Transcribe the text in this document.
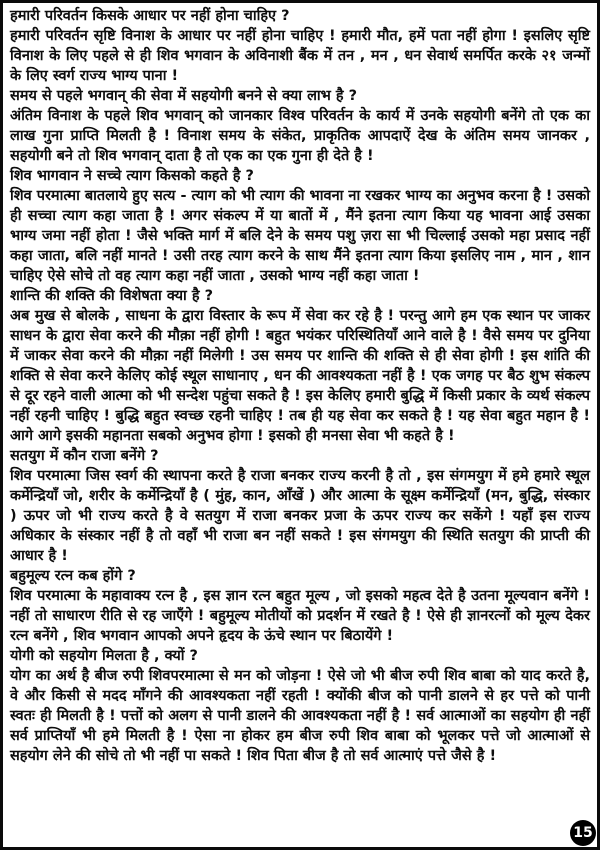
हमारी परिवर्तन किसके आधार पर नहीं होना चाहिए ?

हमारी परिवर्तन सृष्टि विनाश के आधार पर नहीं होना चाहिए ! हमारी मौत, हमें पता नहीं होगा ! इसलिए सृष्टि विनाश के लिए पहले से ही शिव भगवान के अविनाशी बैंक में तन , मन , धन सेवार्थ समर्पित करके २१ जन्मों के लिए स्वर्ग राज्य भाग्य पाना !

समय से पहले भगवान् की सेवा में सहयोगी बनने से क्या लाभ है ?

अंतिम विनाश के पहले शिव भगवान् को जानकार विश्व परिवर्तन के कार्य में उनके सहयोगी बनेंगे तो एक का लाख गुना प्राप्ति मिलती है ! विनाश समय के संकेत, प्राकृतिक आपदाऐं देख के अंतिम समय जानकर , सहयोगी बने तो शिव भगवान् दाता है तो एक का एक गुना ही देते है !

शिव भागवान ने सच्चे त्याग किसको कहते है ?

शिव परमात्मा बातलाये हुए सत्य - त्याग को भी त्याग की भावना ना रखकर भाग्य का अनुभव करना है ! उसको ही सच्चा त्याग कहा जाता है ! अगर संकल्प में या बातों में , मैंने इतना त्याग किया यह भावना आई उसका भाग्य जमा नहीं होता ! जैसे भक्ति मार्ग में बलि देने के समय पशु ज़रा सा भी चिल्लाई उसको महा प्रसाद नहीं कहा जाता, बलि नहीं मानते ! उसी तरह त्याग करने के साथ मैंने इतना त्याग किया इसलिए नाम , मान , शान चाहिए ऐसे सोचे तो वह त्याग कहा नहीं जाता , उसको भाग्य नहीं कहा जाता !

शान्ति की शक्ति की विशेषता क्या है ?

अब मुख से बोलके , साधना के द्वारा विस्तार के रूप में सेवा कर रहे है ! परन्तु आगे हम एक स्थान पर जाकर साधन के द्वारा सेवा करने की मौक़ा नहीं होगी ! बहुत भयंकर परिस्थितियाँ आने वाले है ! वैसे समय पर दुनिया में जाकर सेवा करने की मौक़ा नहीं मिलेगी ! उस समय पर शान्ति की शक्ति से ही सेवा होगी ! इस शांति की शक्ति से सेवा करने केलिए कोई स्थूल साधानाए , धन की आवश्यकता नहीं है ! एक जगह पर बैठ शुभ संकल्प से दूर रहने वाली आत्मा को भी सन्देश पहुंचा सकते है ! इस केलिए हमारी बुद्धि में किसी प्रकार के व्यर्थ संकल्प नहीं रहनी चाहिए ! बुद्धि बहुत स्वच्छ रहनी चाहिए ! तब ही यह सेवा कर सकते है ! यह सेवा बहुत महान है ! आगे आगे इसकी महानता सबको अनुभव होगा ! इसको ही मनसा सेवा भी कहते है !

सतयुग में कौन राजा बनेंगे ?

शिव परमात्मा जिस स्वर्ग की स्थापना करते है राजा बनकर राज्य करनी है तो , इस संगमयुग में हमे हमारे स्थूल कर्मेन्द्रियाँ जो, शरीर के कर्मेन्द्रियाँ है ( मुंह, कान, आँखें ) और आत्मा के सूक्ष्म कर्मेन्द्रियाँ (मन, बुद्धि, संस्कार ) ऊपर जो भी राज्य करते है वे सतयुग में राजा बनकर प्रजा के ऊपर राज्य कर सकेंगे ! यहाँ इस राज्य अधिकार के संस्कार नहीं है तो वहाँ भी राजा बन नहीं सकते ! इस संगमयुग की स्थिति सतयुग की प्राप्ती की आधार है !

बहुमूल्य रत्न कब होंगे ?

शिव परमात्मा के महावाक्य रत्न है , इस ज्ञान रत्न बहुत मूल्य , जो इसको महत्व देते है उतना मूल्यवान बनेंगे ! नहीं तो साधारण रीति से रह जाएँगे ! बहुमूल्य मोतीयों को प्रदर्शन में रखते है ! ऐसे ही ज्ञानरत्नों को मूल्य देकर रत्न बनेंगे , शिव भगवान आपको अपने हृदय के ऊंचे स्थान पर बिठायेंगे !

योगी को सहयोग मिलता है , क्यों ?

योग का अर्थ है बीज रुपी शिवपरमात्मा से मन को जोड़ना ! ऐसे जो भी बीज रुपी शिव बाबा को याद करते है, वे और किसी से मदद माँगने की आवश्यकता नहीं रहती ! क्योंकी बीज को पानी डालने से हर पत्ते को पानी स्वतः ही मिलती है ! पत्तों को अलग से पानी डालने की आवश्यकता नहीं है ! सर्व आत्माओं का सहयोग ही नहीं सर्व प्राप्तियाँ भी हमे मिलती है ! ऐसा ना होकर हम बीज रुपी शिव बाबा को भूलकर पत्ते जो आत्माओं से सहयोग लेने की सोचे तो भी नहीं पा सकते ! शिव पिता बीज है तो सर्व आत्माएं पत्ते जैसे है !

15
